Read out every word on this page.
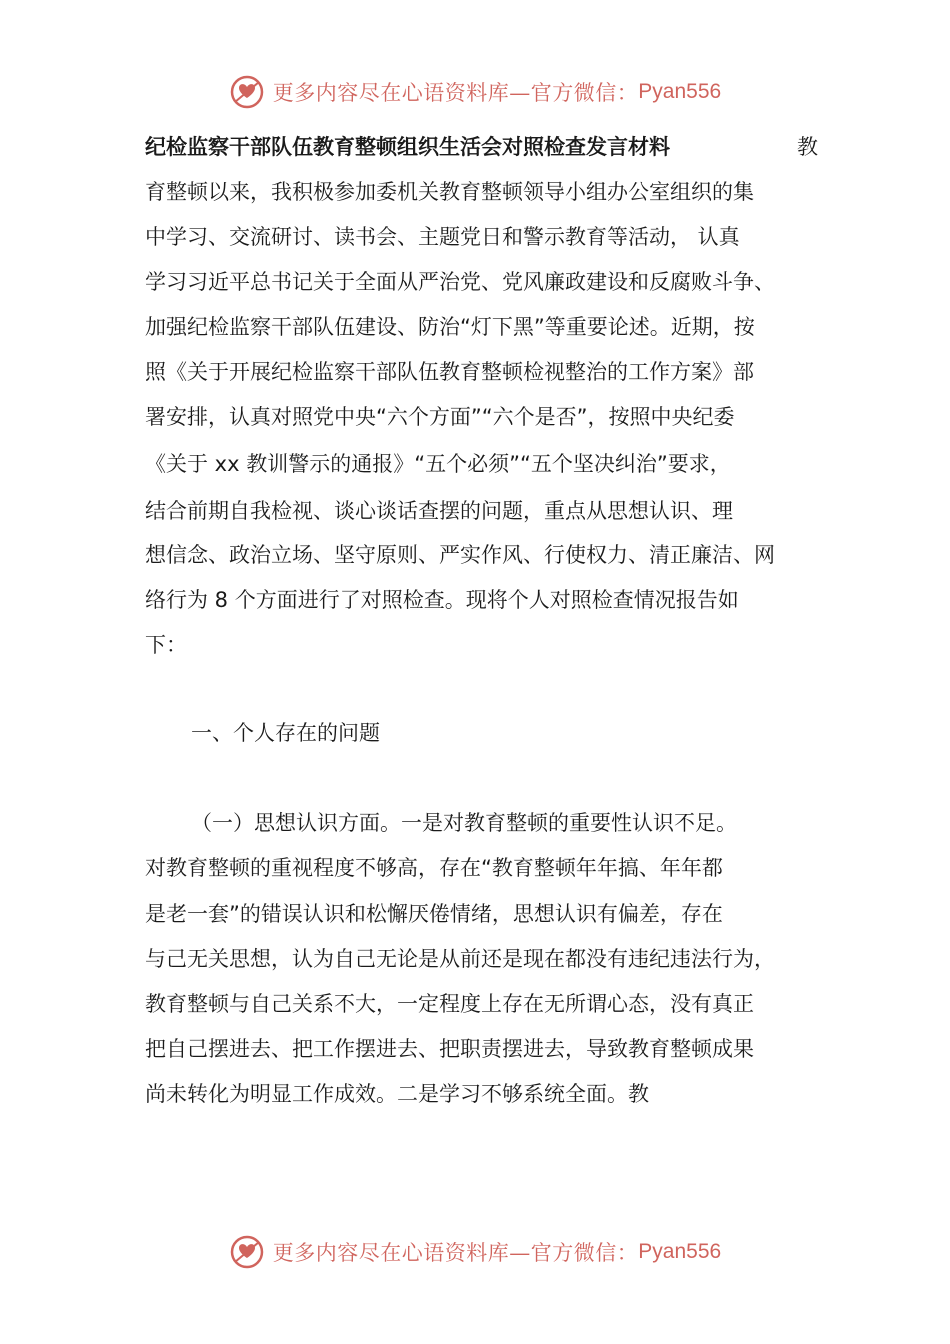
更多内容尽在心语资料库—官方微信： Pyan556
纪检监察干部队伍教育整顿组织生活会对照检查发言材料	教
育整顿以来，我积极参加委机关教育整顿领导小组办公室组织的集
中学习、交流研讨、读书会、主题党日和警示教育等活动， 认真
学习习近平总书记关于全面从严治党、党风廉政建设和反腐败斗争、
加强纪检监察干部队伍建设、防治“灯下黑”等重要论述。近期，按
照《关于开展纪检监察干部队伍教育整顿检视整治的工作方案》部
署安排，认真对照党中央“六个方面”“六个是否”，按照中央纪委
《关于 xx 教训警示的通报》“五个必须”“五个坚决纠治”要求，
结合前期自我检视、谈心谈话查摆的问题，重点从思想认识、理
想信念、政治立场、坚守原则、严实作风、行使权力、清正廉洁、网
络行为 8 个方面进行了对照检查。现将个人对照检查情况报告如
下：
一、个人存在的问题
（一）思想认识方面。一是对教育整顿的重要性认识不足。
对教育整顿的重视程度不够高，存在“教育整顿年年搞、年年都
是老一套”的错误认识和松懈厌倦情绪，思想认识有偏差，存在
与己无关思想，认为自己无论是从前还是现在都没有违纪违法行为，
教育整顿与自己关系不大，一定程度上存在无所谓心态，没有真正
把自己摆进去、把工作摆进去、把职责摆进去，导致教育整顿成果
尚未转化为明显工作成效。二是学习不够系统全面。教
更多内容尽在心语资料库—官方微信： Pyan556
